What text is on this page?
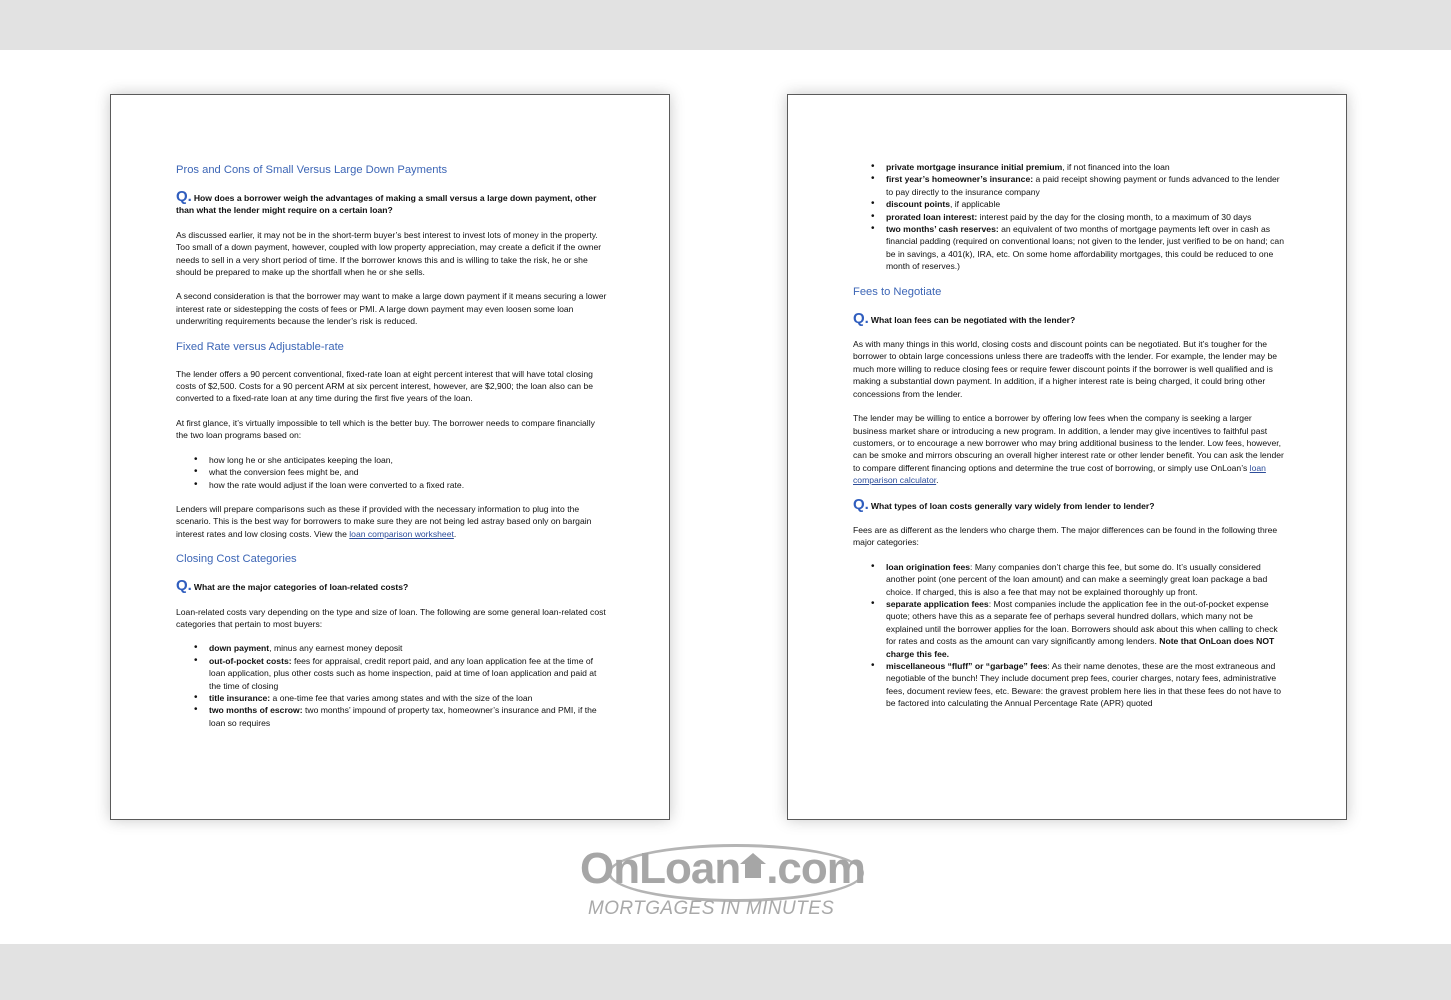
Pros and Cons of Small Versus Large Down Payments
Q. How does a borrower weigh the advantages of making a small versus a large down payment, other than what the lender might require on a certain loan?

As discussed earlier, it may not be in the short-term buyer’s best interest to invest lots of money in the property. Too small of a down payment, however, coupled with low property appreciation, may create a deficit if the owner needs to sell in a very short period of time. If the borrower knows this and is willing to take the risk, he or she should be prepared to make up the shortfall when he or she sells.

A second consideration is that the borrower may want to make a large down payment if it means securing a lower interest rate or sidestepping the costs of fees or PMI. A large down payment may even loosen some loan underwriting requirements because the lender’s risk is reduced.

Fixed Rate versus Adjustable-rate

The lender offers a 90 percent conventional, fixed-rate loan at eight percent interest that will have total closing costs of $2,500. Costs for a 90 percent ARM at six percent interest, however, are $2,900; the loan also can be converted to a fixed-rate loan at any time during the first five years of the loan.

At first glance, it’s virtually impossible to tell which is the better buy. The borrower needs to compare financially the two loan programs based on:

• how long he or she anticipates keeping the loan,
• what the conversion fees might be, and
• how the rate would adjust if the loan were converted to a fixed rate.

Lenders will prepare comparisons such as these if provided with the necessary information to plug into the scenario. This is the best way for borrowers to make sure they are not being led astray based only on bargain interest rates and low closing costs. View the loan comparison worksheet.

Closing Cost Categories
Q. What are the major categories of loan-related costs?

Loan-related costs vary depending on the type and size of loan. The following are some general loan-related cost categories that pertain to most buyers:

• down payment, minus any earnest money deposit
• out-of-pocket costs: fees for appraisal, credit report paid, and any loan application fee at the time of loan application, plus other costs such as home inspection, paid at time of loan application and paid at the time of closing
• title insurance: a one-time fee that varies among states and with the size of the loan
• two months of escrow: two months’ impound of property tax, homeowner’s insurance and PMI, if the loan so requires
• private mortgage insurance initial premium, if not financed into the loan
• first year’s homeowner’s insurance: a paid receipt showing payment or funds advanced to the lender to pay directly to the insurance company
• discount points, if applicable
• prorated loan interest: interest paid by the day for the closing month, to a maximum of 30 days
• two months’ cash reserves: an equivalent of two months of mortgage payments left over in cash as financial padding (required on conventional loans; not given to the lender, just verified to be on hand; can be in savings, a 401(k), IRA, etc. On some home affordability mortgages, this could be reduced to one month of reserves.)
Fees to Negotiate
Q. What loan fees can be negotiated with the lender?

As with many things in this world, closing costs and discount points can be negotiated. But it’s tougher for the borrower to obtain large concessions unless there are tradeoffs with the lender. For example, the lender may be much more willing to reduce closing fees or require fewer discount points if the borrower is well qualified and is making a substantial down payment. In addition, if a higher interest rate is being charged, it could bring other concessions from the lender.

The lender may be willing to entice a borrower by offering low fees when the company is seeking a larger business market share or introducing a new program. In addition, a lender may give incentives to faithful past customers, or to encourage a new borrower who may bring additional business to the lender. Low fees, however, can be smoke and mirrors obscuring an overall higher interest rate or other lender benefit. You can ask the lender to compare different financing options and determine the true cost of borrowing, or simply use OnLoan’s loan comparison calculator.

Q. What types of loan costs generally vary widely from lender to lender?

Fees are as different as the lenders who charge them. The major differences can be found in the following three major categories:

• loan origination fees: Many companies don’t charge this fee, but some do. It’s usually considered another point (one percent of the loan amount) and can make a seemingly great loan package a bad choice. If charged, this is also a fee that may not be explained thoroughly up front.
• separate application fees: Most companies include the application fee in the out-of-pocket expense quote; others have this as a separate fee of perhaps several hundred dollars, which many not be explained until the borrower applies for the loan. Borrowers should ask about this when calling to check for rates and costs as the amount can vary significantly among lenders. Note that OnLoan does NOT charge this fee.
• miscellaneous “fluff” or “garbage” fees: As their name denotes, these are the most extraneous and negotiable of the bunch! They include document prep fees, courier charges, notary fees, administrative fees, document review fees, etc. Beware: the gravest problem here lies in that these fees do not have to be factored into calculating the Annual Percentage Rate (APR) quoted
OnLoan .com
MORTGAGES IN MINUTES
